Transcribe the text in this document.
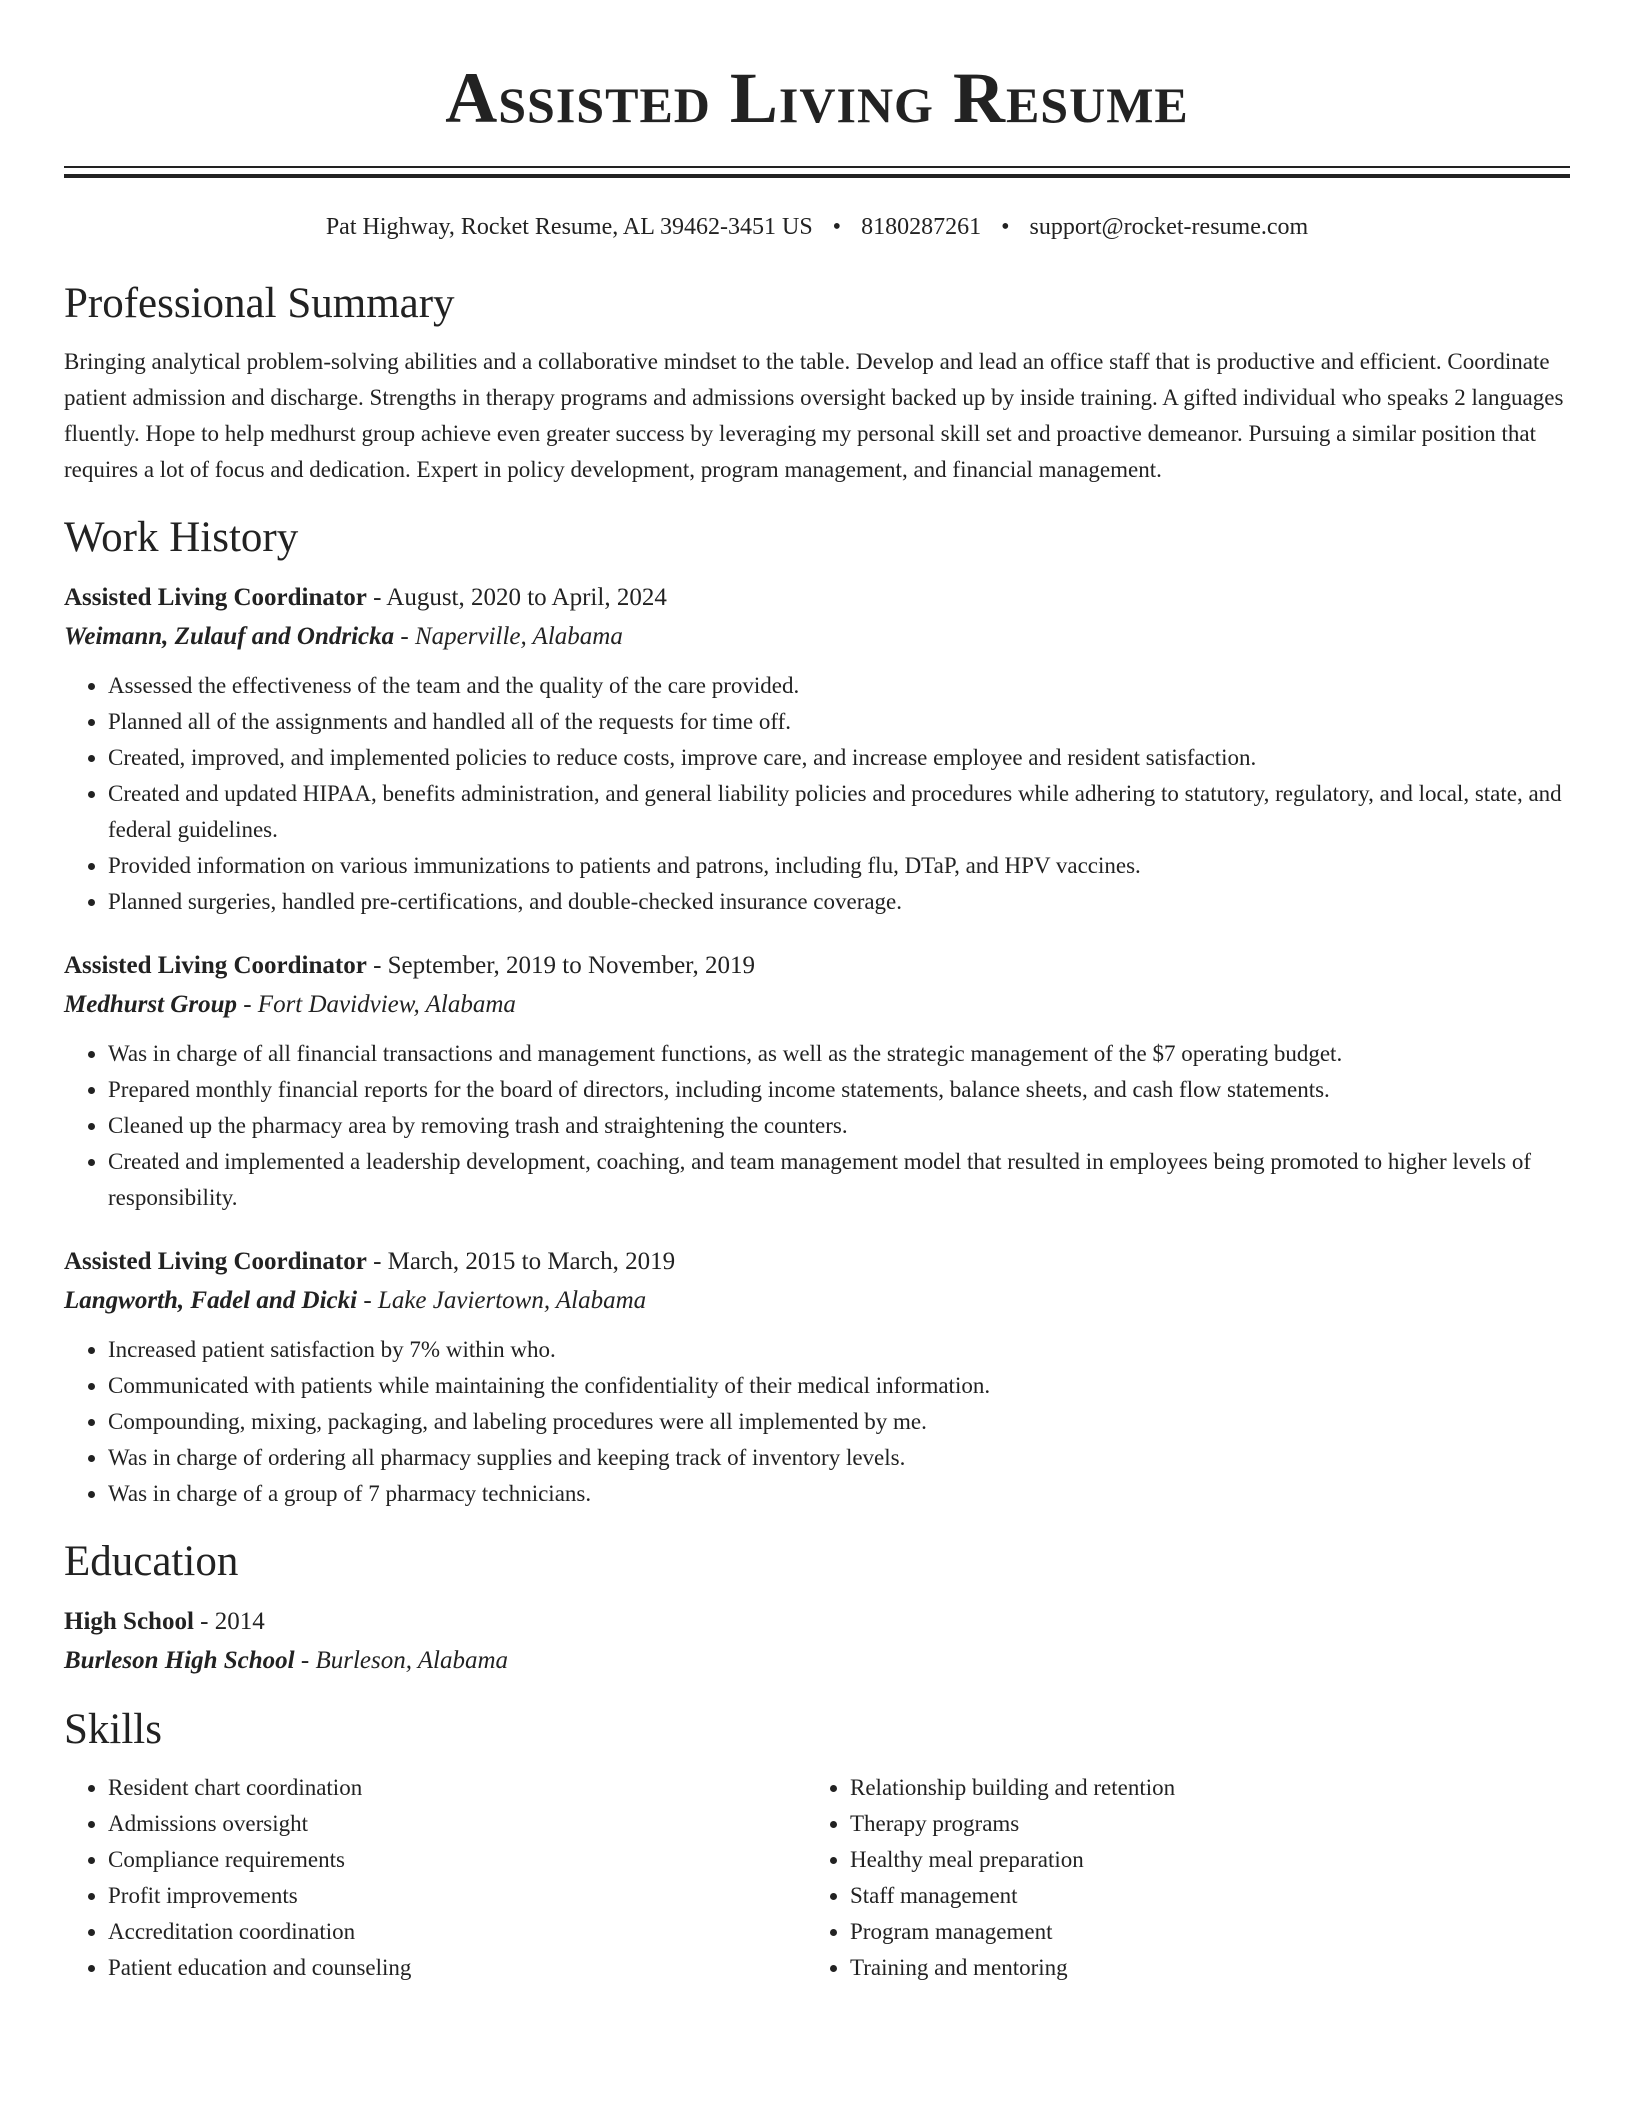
Assisted Living Resume
Pat Highway, Rocket Resume, AL 39462-3451 US • 8180287261 • support@rocket-resume.com
Professional Summary
Bringing analytical problem-solving abilities and a collaborative mindset to the table. Develop and lead an office staff that is productive and efficient. Coordinate patient admission and discharge. Strengths in therapy programs and admissions oversight backed up by inside training. A gifted individual who speaks 2 languages fluently. Hope to help medhurst group achieve even greater success by leveraging my personal skill set and proactive demeanor. Pursuing a similar position that requires a lot of focus and dedication. Expert in policy development, program management, and financial management.
Work History
Assisted Living Coordinator - August, 2020 to April, 2024
Weimann, Zulauf and Ondricka - Naperville, Alabama
• Assessed the effectiveness of the team and the quality of the care provided.
• Planned all of the assignments and handled all of the requests for time off.
• Created, improved, and implemented policies to reduce costs, improve care, and increase employee and resident satisfaction.
• Created and updated HIPAA, benefits administration, and general liability policies and procedures while adhering to statutory, regulatory, and local, state, and federal guidelines.
• Provided information on various immunizations to patients and patrons, including flu, DTaP, and HPV vaccines.
• Planned surgeries, handled pre-certifications, and double-checked insurance coverage.
Assisted Living Coordinator - September, 2019 to November, 2019
Medhurst Group - Fort Davidview, Alabama
• Was in charge of all financial transactions and management functions, as well as the strategic management of the $7 operating budget.
• Prepared monthly financial reports for the board of directors, including income statements, balance sheets, and cash flow statements.
• Cleaned up the pharmacy area by removing trash and straightening the counters.
• Created and implemented a leadership development, coaching, and team management model that resulted in employees being promoted to higher levels of responsibility.
Assisted Living Coordinator - March, 2015 to March, 2019
Langworth, Fadel and Dicki - Lake Javiertown, Alabama
• Increased patient satisfaction by 7% within who.
• Communicated with patients while maintaining the confidentiality of their medical information.
• Compounding, mixing, packaging, and labeling procedures were all implemented by me.
• Was in charge of ordering all pharmacy supplies and keeping track of inventory levels.
• Was in charge of a group of 7 pharmacy technicians.
Education
High School - 2014
Burleson High School - Burleson, Alabama
Skills
• Resident chart coordination
• Admissions oversight
• Compliance requirements
• Profit improvements
• Accreditation coordination
• Patient education and counseling
• Relationship building and retention
• Therapy programs
• Healthy meal preparation
• Staff management
• Program management
• Training and mentoring
